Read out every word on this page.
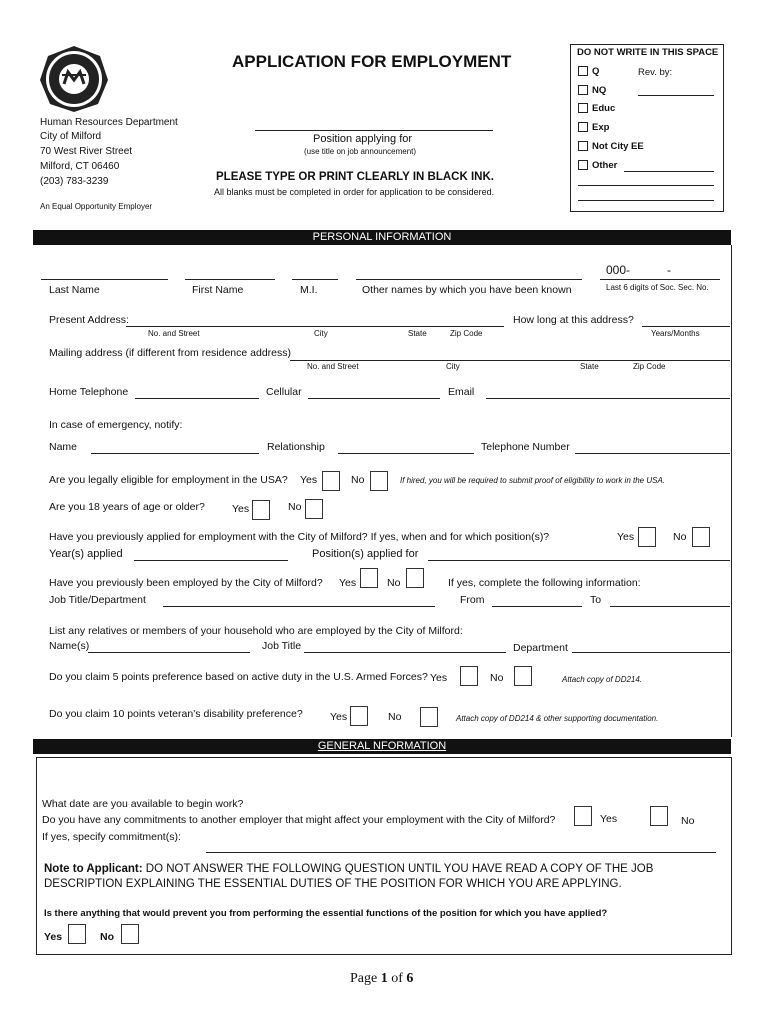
APPLICATION FOR EMPLOYMENT
Human Resources Department
City of Milford
70 West River Street
Milford, CT 06460
(203) 783-3239
An Equal Opportunity Employer
Position applying for
(use title on job announcement)
PLEASE TYPE OR PRINT CLEARLY IN BLACK INK.
All blanks must be completed in order for application to be considered.
DO NOT WRITE IN THIS SPACE
Q	Rev. by:
NQ
Educ
Exp
Not City EE
Other
PERSONAL INFORMATION
000-	-
Last Name	First Name	M.I.	Other names by which you have been known	Last 6 digits of Soc. Sec. No.
Present Address:	How long at this address?
No. and Street	City	State	Zip Code	Years/Months
Mailing address (if different from residence address)
No. and Street	City	State	Zip Code
Home Telephone	Cellular	Email
In case of emergency, notify:
Name	Relationship	Telephone Number
Are you legally eligible for employment in the USA? Yes	No	If hired, you will be required to submit proof of eligibility to work in the USA.
Are you 18 years of age or older?	Yes	No
Have you previously applied for employment with the City of Milford? If yes, when and for which position(s)?	Yes	No
Year(s) applied	Position(s) applied for
Have you previously been employed by the City of Milford? Yes	No	If yes, complete the following information:
Job Title/Department	From	To
List any relatives or members of your household who are employed by the City of Milford:
Name(s)	Job Title	Department
Do you claim 5 points preference based on active duty in the U.S. Armed Forces? Yes	No	Attach copy of DD214.
Do you claim 10 points veteran’s disability preference?	Yes	No	Attach copy of DD214 & other supporting documentation.
GENERAL NFORMATION
What date are you available to begin work?
Do you have any commitments to another employer that might affect your employment with the City of Milford?	Yes	No
If yes, specify commitment(s):
Note to Applicant: DO NOT ANSWER THE FOLLOWING QUESTION UNTIL YOU HAVE READ A COPY OF THE JOB
DESCRIPTION EXPLAINING THE ESSENTIAL DUTIES OF THE POSITION FOR WHICH YOU ARE APPLYING.
Is there anything that would prevent you from performing the essential functions of the position for which you have applied?
Yes	No
Page 1 of 6
